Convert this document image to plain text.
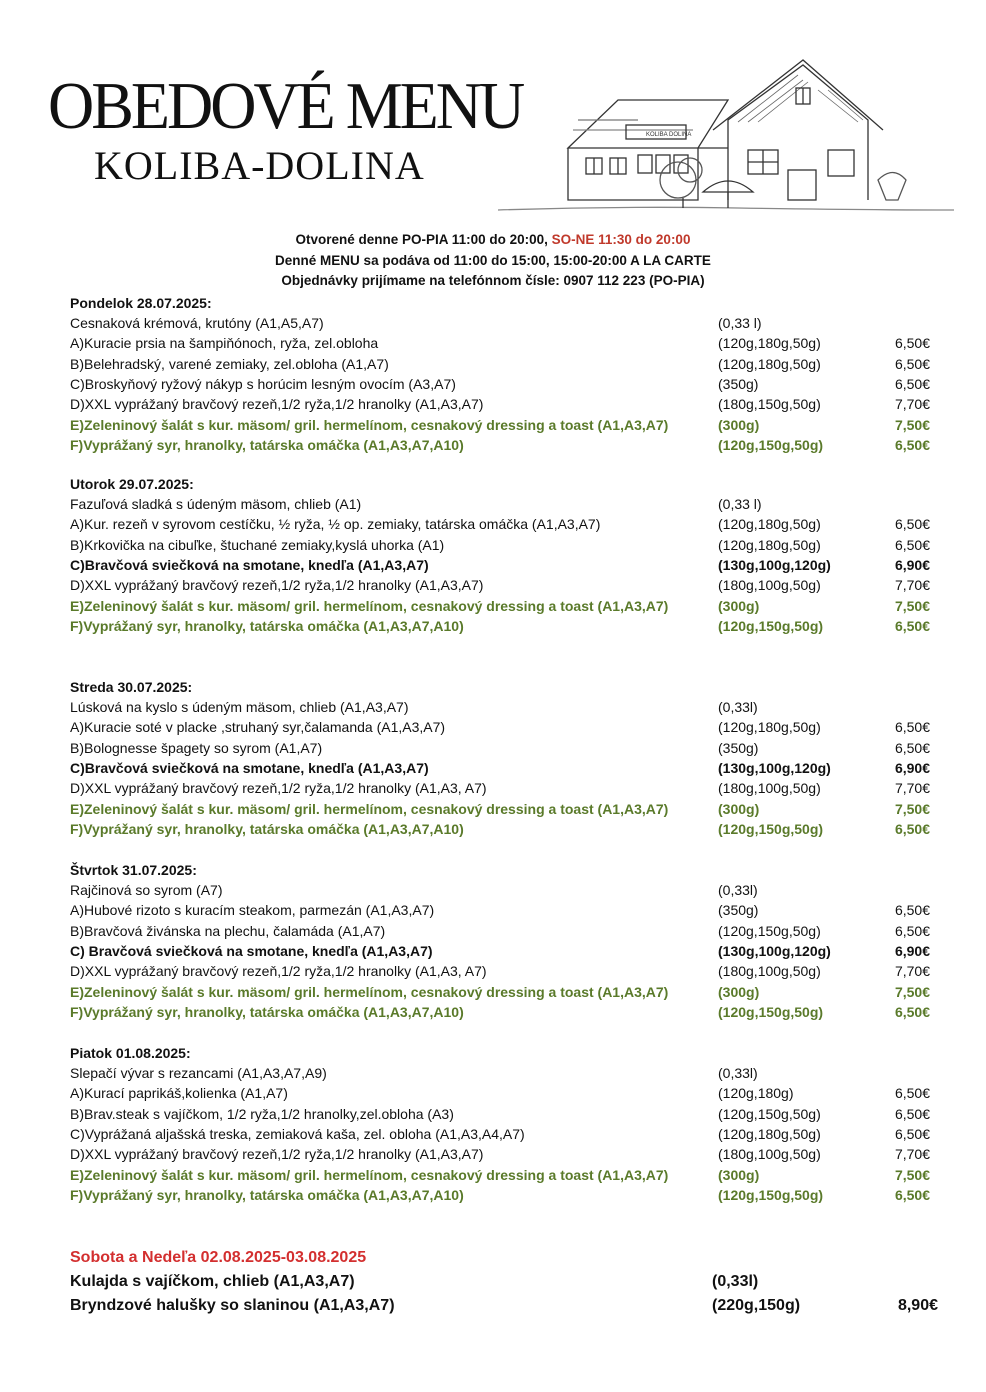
OBEDOVÉ MENU
KOLIBA-DOLINA
KOLIBA DOLINA
Otvorené denne PO-PIA 11:00 do 20:00, SO-NE 11:30 do 20:00
Denné MENU sa podáva od 11:00 do 15:00, 15:00-20:00 A LA CARTE
Objednávky prijímame na telefónnom čísle: 0907 112 223 (PO-PIA)
Pondelok 28.07.2025:
Cesnaková krémová, krutóny (A1,A5,A7)	(0,33 l)
A)Kuracie prsia na šampiňónoch, ryža, zel.obloha	(120g,180g,50g)	6,50€
B)Belehradský, varené zemiaky, zel.obloha (A1,A7)	(120g,180g,50g)	6,50€
C)Broskyňový ryžový nákyp s horúcim lesným ovocím (A3,A7)	(350g)	6,50€
D)XXL vyprážaný bravčový rezeň,1/2 ryža,1/2 hranolky (A1,A3,A7)	(180g,150g,50g)	7,70€
E)Zeleninový šalát s kur. mäsom/ gril. hermelínom, cesnakový dressing a toast (A1,A3,A7)	(300g)	7,50€
F)Vyprážaný syr, hranolky, tatárska omáčka (A1,A3,A7,A10)	(120g,150g,50g)	6,50€
Utorok 29.07.2025:
Fazuľová sladká s údeným mäsom, chlieb (A1)	(0,33 l)
A)Kur. rezeň v syrovom cestíčku, ½ ryža, ½ op. zemiaky, tatárska omáčka (A1,A3,A7)	(120g,180g,50g)	6,50€
B)Krkovička na cibuľke, štuchané zemiaky,kyslá uhorka (A1)	(120g,180g,50g)	6,50€
C)Bravčová sviečková na smotane, knedľa (A1,A3,A7)	(130g,100g,120g)	6,90€
D)XXL vyprážaný bravčový rezeň,1/2 ryža,1/2 hranolky (A1,A3,A7)	(180g,100g,50g)	7,70€
E)Zeleninový šalát s kur. mäsom/ gril. hermelínom, cesnakový dressing a toast (A1,A3,A7)	(300g)	7,50€
F)Vyprážaný syr, hranolky, tatárska omáčka (A1,A3,A7,A10)	(120g,150g,50g)	6,50€
Streda 30.07.2025:
Lúsková na kyslo s údeným mäsom, chlieb (A1,A3,A7)	(0,33l)
A)Kuracie soté v placke ,struhaný syr,čalamanda (A1,A3,A7)	(120g,180g,50g)	6,50€
B)Bolognesse špagety so syrom (A1,A7)	(350g)	6,50€
C)Bravčová sviečková na smotane, knedľa (A1,A3,A7)	(130g,100g,120g)	6,90€
D)XXL vyprážaný bravčový rezeň,1/2 ryža,1/2 hranolky (A1,A3, A7)	(180g,100g,50g)	7,70€
E)Zeleninový šalát s kur. mäsom/ gril. hermelínom, cesnakový dressing a toast (A1,A3,A7)	(300g)	7,50€
F)Vyprážaný syr, hranolky, tatárska omáčka (A1,A3,A7,A10)	(120g,150g,50g)	6,50€
Štvrtok 31.07.2025:
Rajčinová so syrom (A7)	(0,33l)
A)Hubové rizoto s kuracím steakom, parmezán (A1,A3,A7)	(350g)	6,50€
B)Bravčová živánska na plechu, čalamáda (A1,A7)	(120g,150g,50g)	6,50€
C) Bravčová sviečková na smotane, knedľa (A1,A3,A7)	(130g,100g,120g)	6,90€
D)XXL vyprážaný bravčový rezeň,1/2 ryža,1/2 hranolky (A1,A3, A7)	(180g,100g,50g)	7,70€
E)Zeleninový šalát s kur. mäsom/ gril. hermelínom, cesnakový dressing a toast (A1,A3,A7)	(300g)	7,50€
F)Vyprážaný syr, hranolky, tatárska omáčka (A1,A3,A7,A10)	(120g,150g,50g)	6,50€
Piatok 01.08.2025:
Slepačí vývar s rezancami (A1,A3,A7,A9)	(0,33l)
A)Kurací paprikáš,kolienka (A1,A7)	(120g,180g)	6,50€
B)Brav.steak s vajíčkom, 1/2 ryža,1/2 hranolky,zel.obloha (A3)	(120g,150g,50g)	6,50€
C)Vyprážaná aljašská treska, zemiaková kaša, zel. obloha (A1,A3,A4,A7)	(120g,180g,50g)	6,50€
D)XXL vyprážaný bravčový rezeň,1/2 ryža,1/2 hranolky (A1,A3,A7)	(180g,100g,50g)	7,70€
E)Zeleninový šalát s kur. mäsom/ gril. hermelínom, cesnakový dressing a toast (A1,A3,A7)	(300g)	7,50€
F)Vyprážaný syr, hranolky, tatárska omáčka (A1,A3,A7,A10)	(120g,150g,50g)	6,50€
Sobota a Nedeľa 02.08.2025-03.08.2025
Kulajda s vajíčkom, chlieb (A1,A3,A7)	(0,33l)
Bryndzové halušky so slaninou (A1,A3,A7)	(220g,150g)	8,90€
